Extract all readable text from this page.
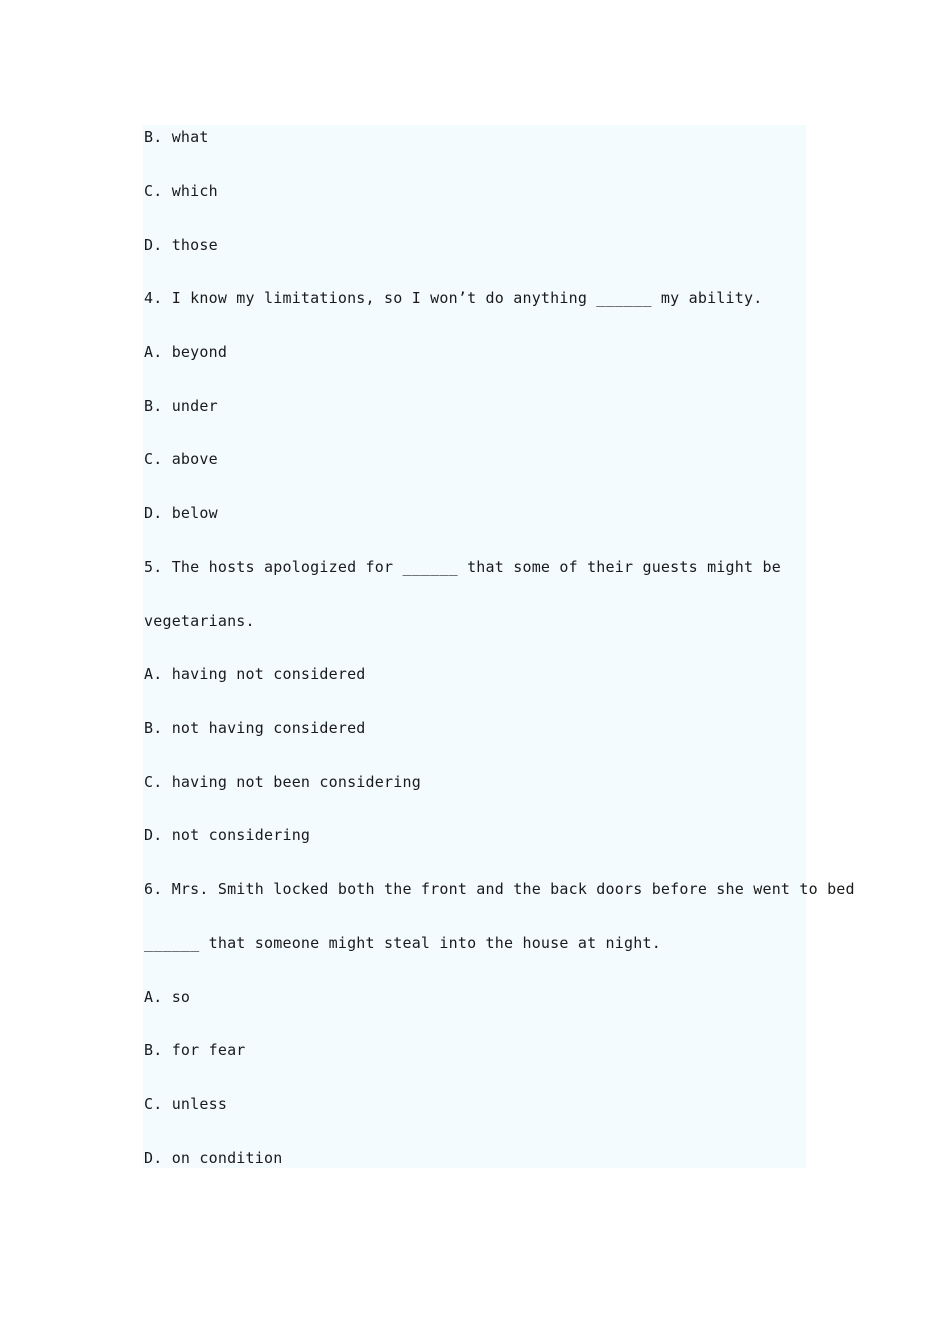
B. what
C. which
D. those
4. I know my limitations, so I won’t do anything ______ my ability.
A. beyond
B. under
C. above
D. below
5. The hosts apologized for ______ that some of their guests might be
vegetarians.
A. having not considered
B. not having considered
C. having not been considering
D. not considering
6. Mrs. Smith locked both the front and the back doors before she went to bed
______ that someone might steal into the house at night.
A. so
B. for fear
C. unless
D. on condition
